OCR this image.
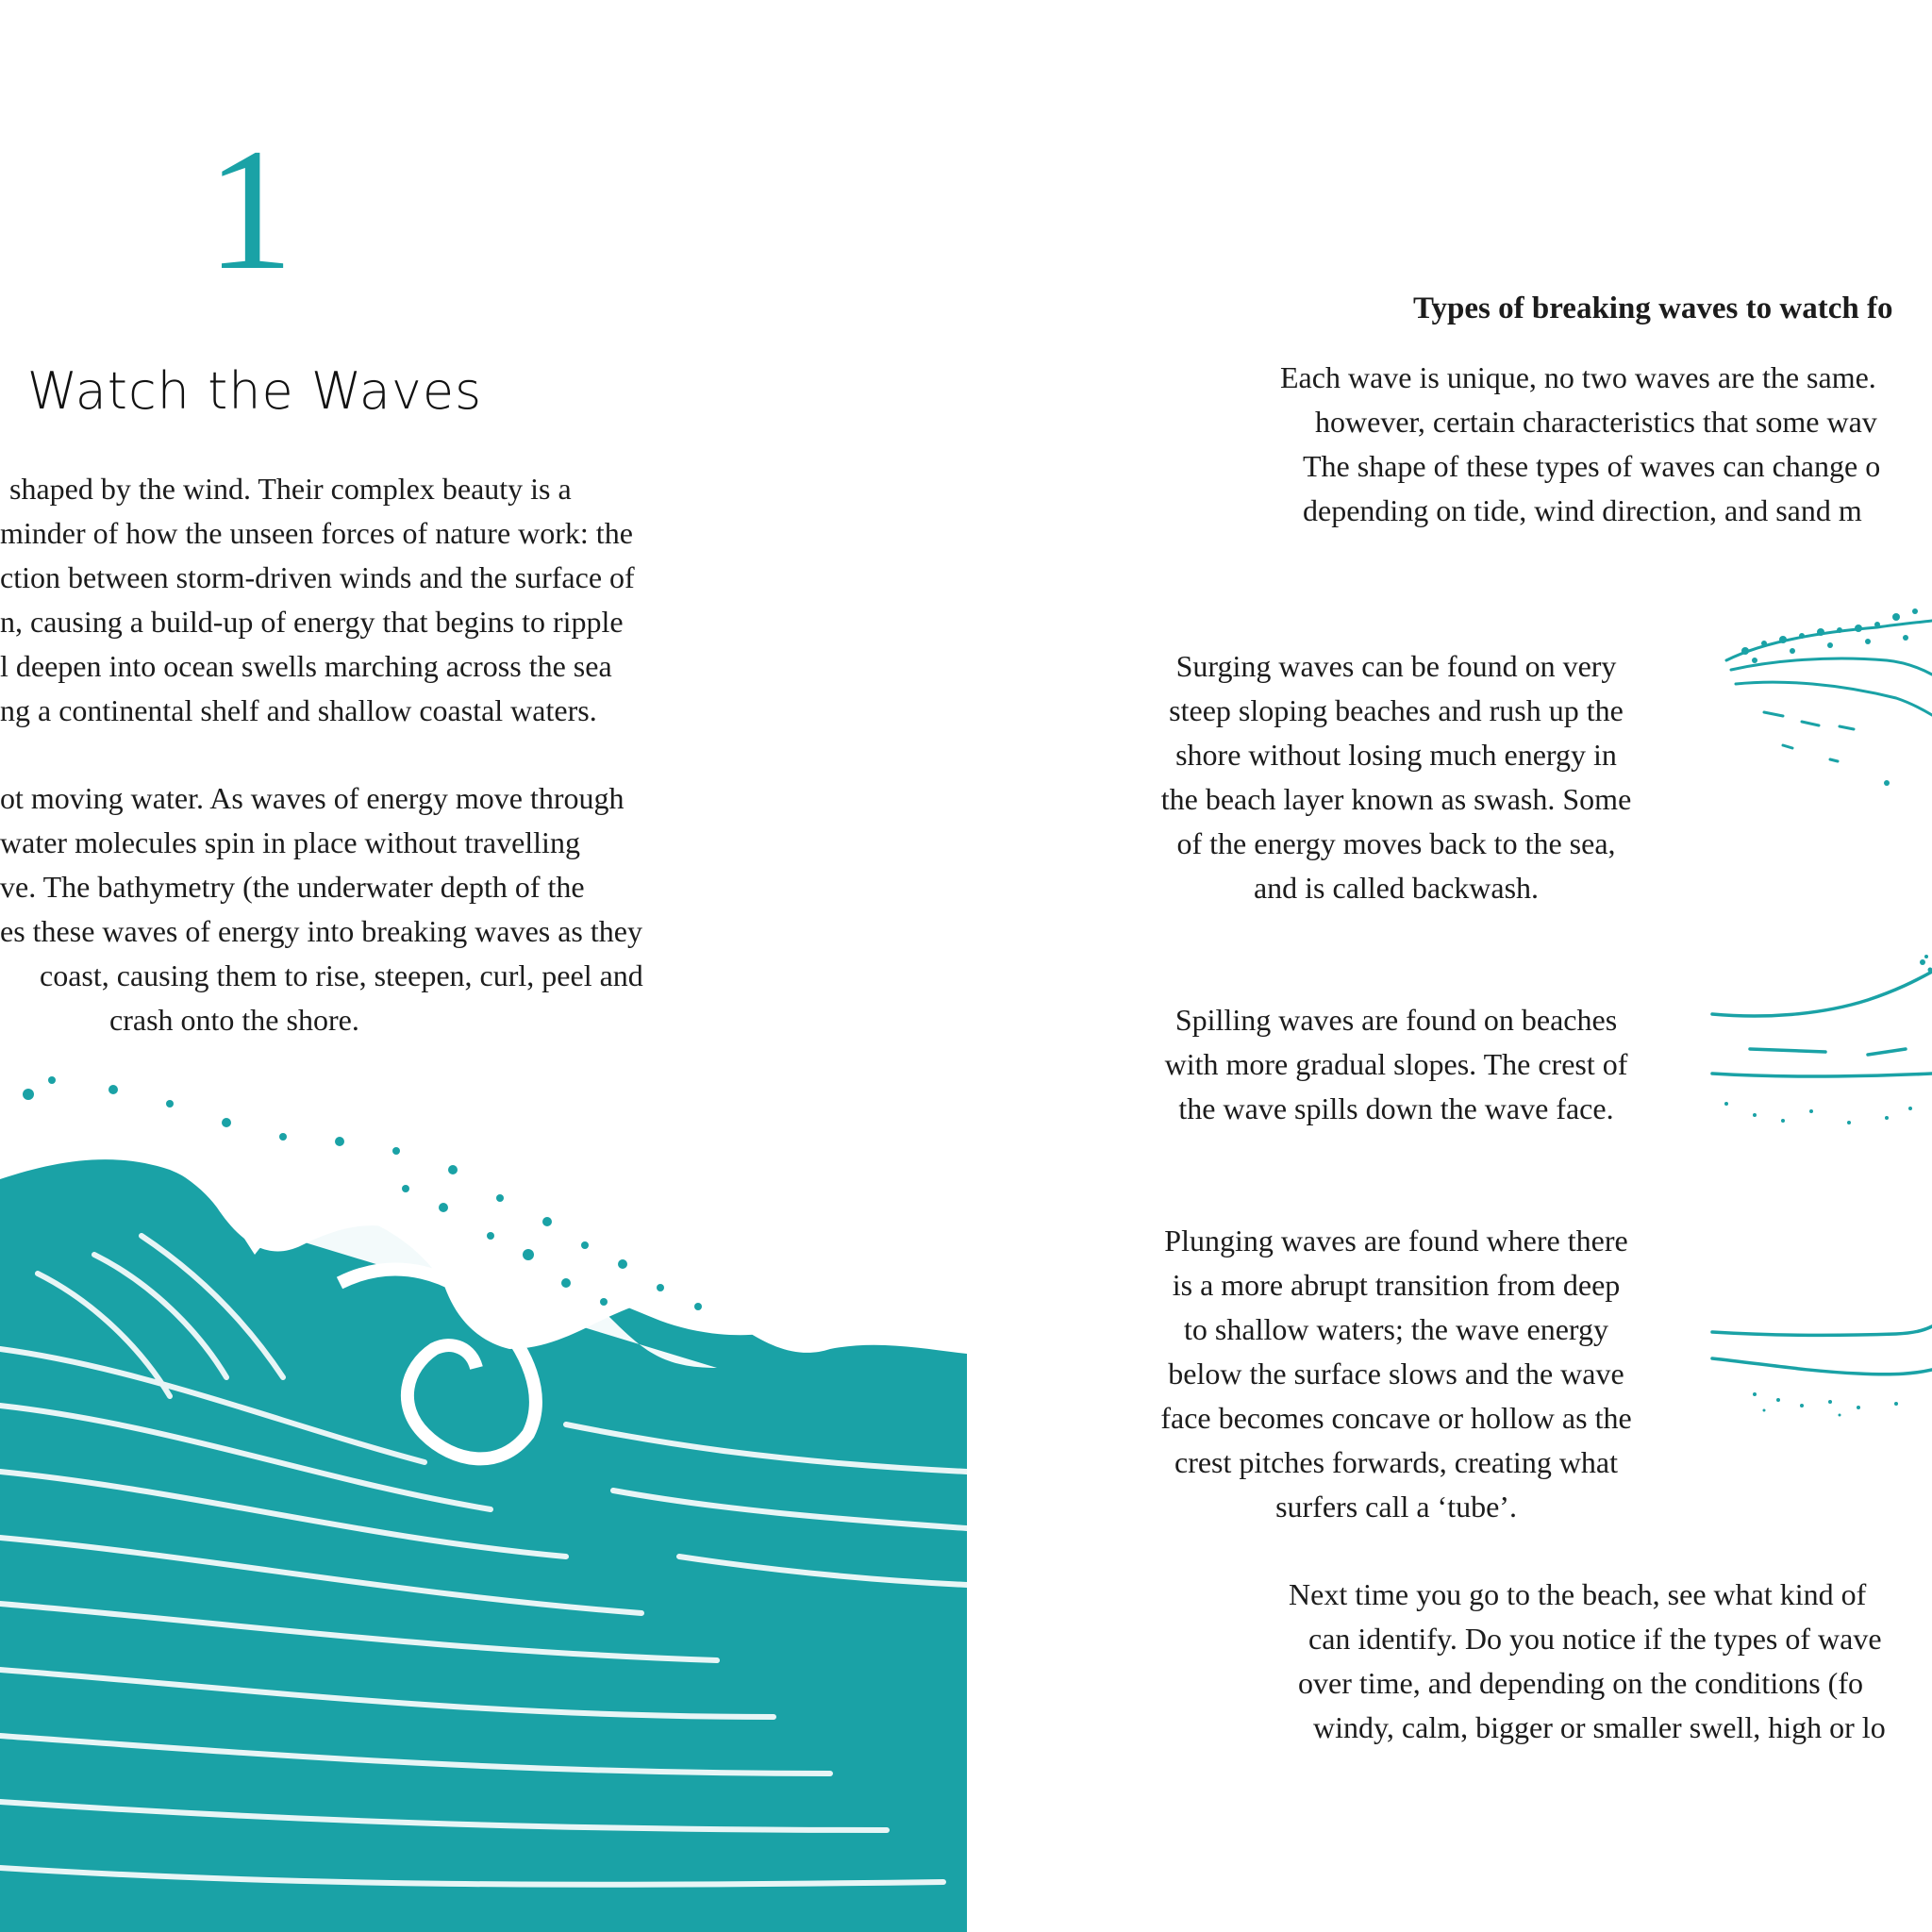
1
Watch the Waves

shaped by the wind. Their complex beauty is a

minder of how the unseen forces of nature work: the

ction between storm-driven winds and the surface of

n, causing a build-up of energy that begins to ripple

l deepen into ocean swells marching across the sea

ng a continental shelf and shallow coastal waters.

ot moving water. As waves of energy move through

water molecules spin in place without travelling

ve. The bathymetry (the underwater depth of the

es these waves of energy into breaking waves as they

coast, causing them to rise, steepen, curl, peel and

crash onto the shore.

Types of breaking waves to watch fo
Each wave is unique, no two waves are the same.
however, certain characteristics that some wav
The shape of these types of waves can change o
depending on tide, wind direction, and sand m
Surging waves can be found on very
steep sloping beaches and rush up the
shore without losing much energy in
the beach layer known as swash. Some
of the energy moves back to the sea,
and is called backwash.
Spilling waves are found on beaches
with more gradual slopes. The crest of
the wave spills down the wave face.
Plunging waves are found where there
is a more abrupt transition from deep
to shallow waters; the wave energy
below the surface slows and the wave
face becomes concave or hollow as the
crest pitches forwards, creating what
surfers call a ‘tube’.
Next time you go to the beach, see what kind of
can identify. Do you notice if the types of wave
over time, and depending on the conditions (fo
windy, calm, bigger or smaller swell, high or lo
